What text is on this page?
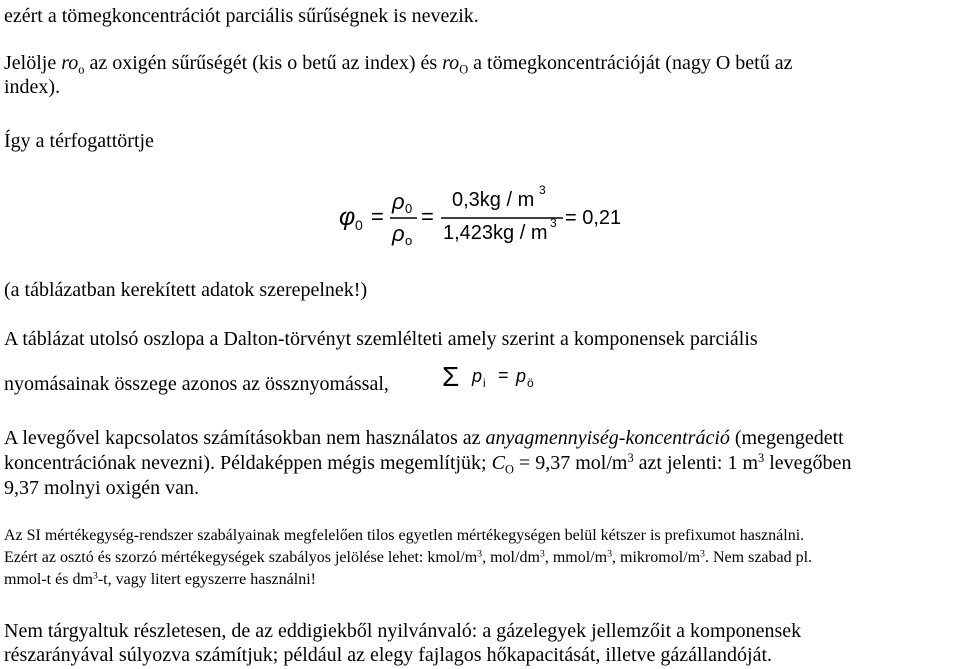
ezért a tömegkoncentrációt parciális sűrűségnek is nevezik.
Jelölje $ro_o$ az oxigén sűrűségét (kis o betű az index) és $ro_O$ a tömegkoncentrációját (nagy O betű az
index).
Így a térfogattörtje
φ 0 =
ρ 0
ρ o
=
0,3kg / m 3
1,423kg / m 3 = 0,21
(a táblázatban kerekített adatok szerepelnek!)
A táblázat utolsó oszlopa a Dalton-törvényt szemlélteti amely szerint a komponensek parciális
nyomásainak összege azonos az össznyomással, Σ p i = p ö
A levegővel kapcsolatos számításokban nem használatos az anyagmennyiség-koncentráció (megengedett
koncentrációnak nevezni). Példaképpen mégis megemlítjük; $C_O = 9,37$ mol/$m^3$ azt jelenti: 1 $m^3$ levegőben
9,37 molnyi oxigén van.
Az SI mértékegység-rendszer szabályainak megfelelően tilos egyetlen mértékegységen belül kétszer is prefixumot használni.
Ezért az osztó és szorzó mértékegységek szabályos jelölése lehet: kmol/$m^3$, mol/$dm^3$, mmol/$m^3$, mikromol/$m^3$. Nem szabad pl.
mmol-t és $dm^3-t$, vagy litert egyszerre használni!
Nem tárgyaltuk részletesen, de az eddigiekből nyilvánvaló: a gázelegyek jellemzőit a komponensek
részarányával súlyozva számítjuk; például az elegy fajlagos hőkapacitását, illetve gázállandóját.
